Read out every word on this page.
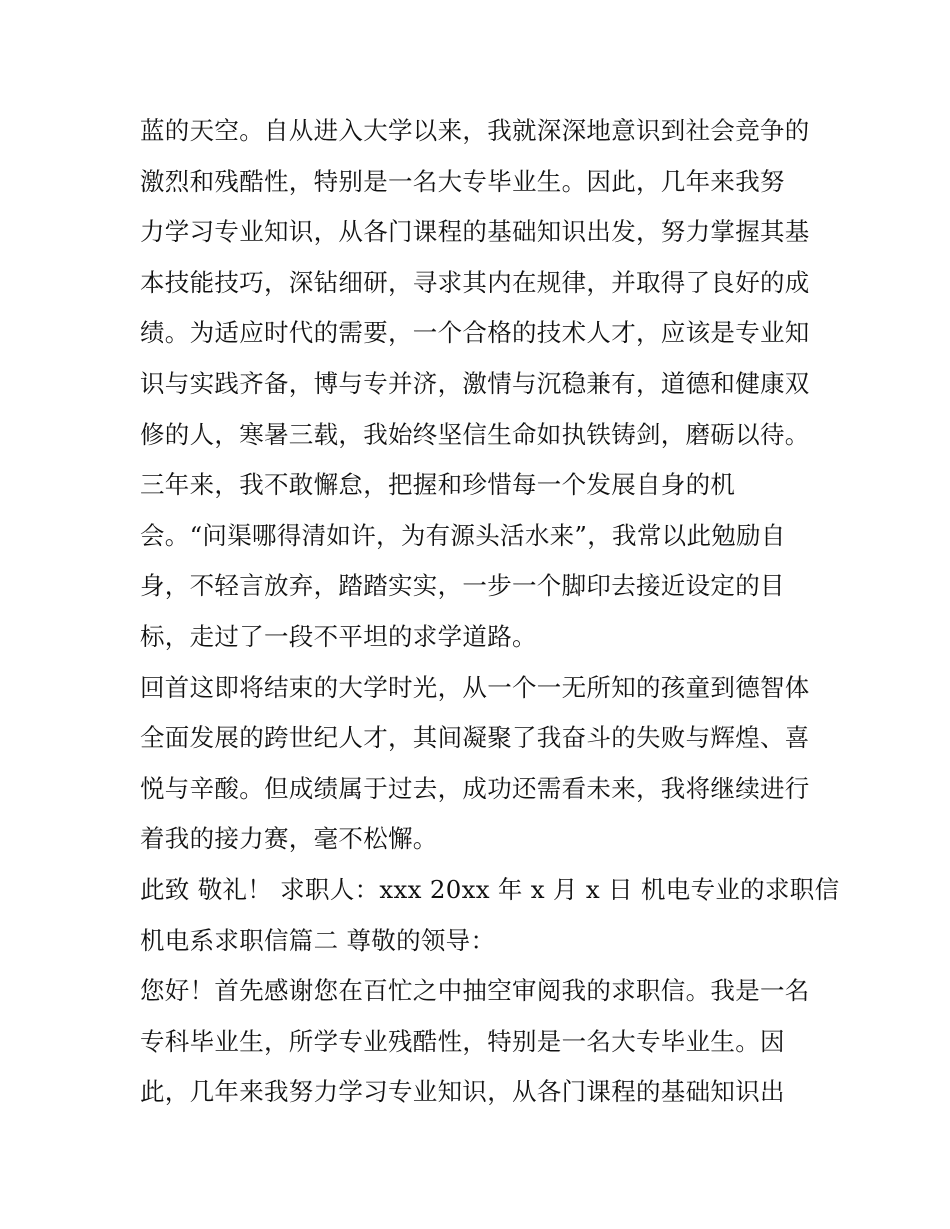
蓝的天空。自从进入大学以来，我就深深地意识到社会竞争的
激烈和残酷性，特别是一名大专毕业生。因此，几年来我努
力学习专业知识，从各门课程的基础知识出发，努力掌握其基
本技能技巧，深钻细研，寻求其内在规律，并取得了良好的成
绩。为适应时代的需要，一个合格的技术人才，应该是专业知
识与实践齐备，博与专并济，激情与沉稳兼有，道德和健康双
修的人，寒暑三载，我始终坚信生命如执铁铸剑，磨砺以待。
三年来，我不敢懈怠，把握和珍惜每一个发展自身的机
会。“问渠哪得清如许，为有源头活水来”，我常以此勉励自
身，不轻言放弃，踏踏实实，一步一个脚印去接近设定的目
标，走过了一段不平坦的求学道路。
回首这即将结束的大学时光，从一个一无所知的孩童到德智体
全面发展的跨世纪人才，其间凝聚了我奋斗的失败与辉煌、喜
悦与辛酸。但成绩属于过去，成功还需看未来，我将继续进行
着我的接力赛，毫不松懈。
此致 敬礼！ 求职人：xxx 20xx 年 x 月 x 日 机电专业的求职信
机电系求职信篇二 尊敬的领导：
您好！首先感谢您在百忙之中抽空审阅我的求职信。我是一名
专科毕业生，所学专业残酷性，特别是一名大专毕业生。因
此，几年来我努力学习专业知识，从各门课程的基础知识出
